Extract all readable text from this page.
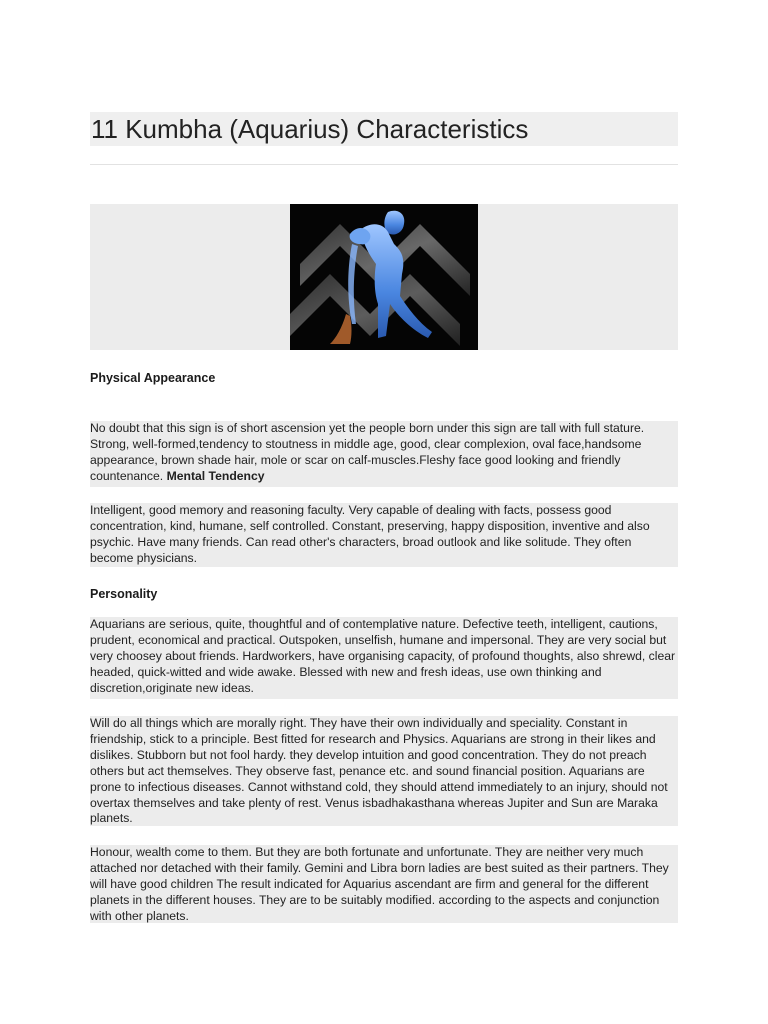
11 Kumbha (Aquarius) Characteristics
Physical Appearance

No doubt that this sign is of short ascension yet the people born under this sign are tall with full stature. Strong, well-formed,tendency to stoutness in middle age, good, clear complexion, oval face,handsome appearance, brown shade hair, mole or scar on calf-muscles.Fleshy face good looking and friendly countenance. Mental Tendency

Intelligent, good memory and reasoning faculty. Very capable of dealing with facts, possess good concentration, kind, humane, self controlled. Constant, preserving, happy disposition, inventive and also psychic. Have many friends. Can read other's characters, broad outlook and like solitude. They often become physicians.

Personality

Aquarians are serious, quite, thoughtful and of contemplative nature. Defective teeth, intelligent, cautions, prudent, economical and practical. Outspoken, unselfish, humane and impersonal. They are very social but very choosey about friends. Hardworkers, have organising capacity, of profound thoughts, also shrewd, clear headed, quick-witted and wide awake. Blessed with new and fresh ideas, use own thinking and discretion,originate new ideas.

Will do all things which are morally right. They have their own individually and speciality. Constant in friendship, stick to a principle. Best fitted for research and Physics. Aquarians are strong in their likes and dislikes. Stubborn but not fool hardy. they develop intuition and good concentration. They do not preach others but act themselves. They observe fast, penance etc. and sound financial position. Aquarians are prone to infectious diseases. Cannot withstand cold, they should attend immediately to an injury, should not overtax themselves and take plenty of rest. Venus isbadhakasthana whereas Jupiter and Sun are Maraka planets.

Honour, wealth come to them. But they are both fortunate and unfortunate. They are neither very much attached nor detached with their family. Gemini and Libra born ladies are best suited as their partners. They will have good children The result indicated for Aquarius ascendant are firm and general for the different planets in the different houses. They are to be suitably modified. according to the aspects and conjunction with other planets.
